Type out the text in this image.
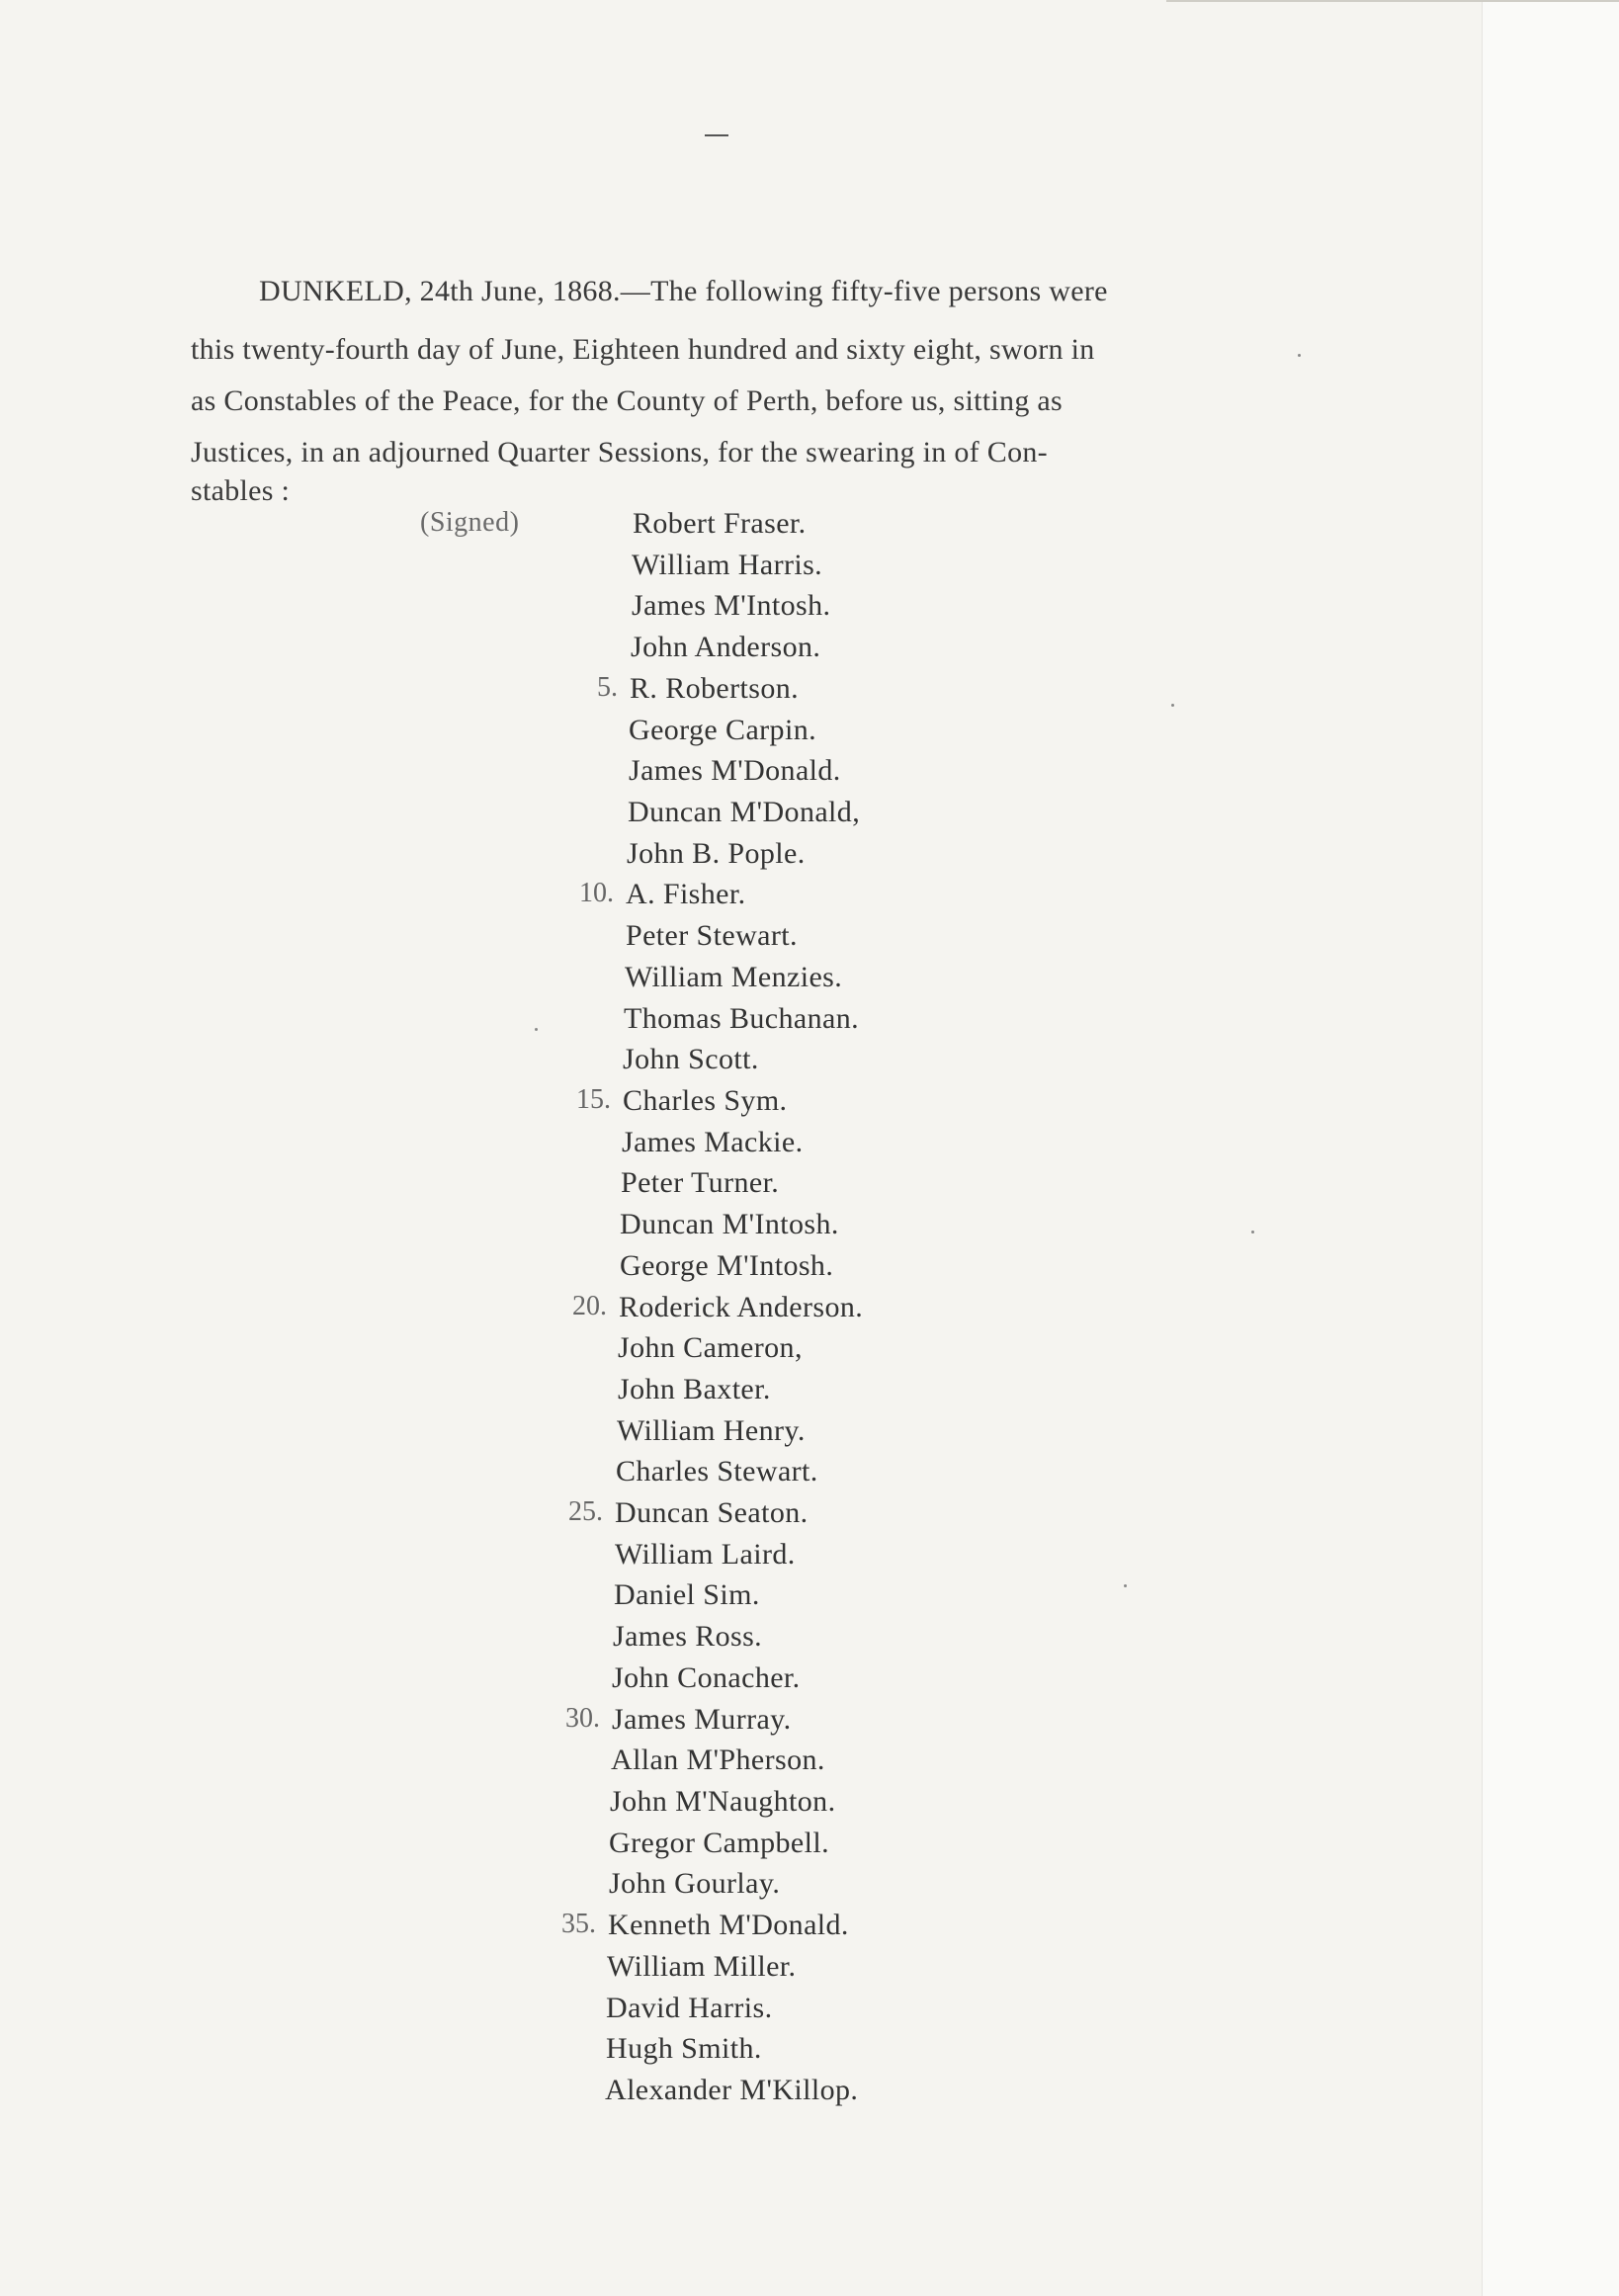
DUNKELD, 24th June, 1868.—The following fifty-five persons were
this twenty-fourth day of June, Eighteen hundred and sixty eight, sworn in
as Constables of the Peace, for the County of Perth, before us, sitting as
Justices, in an adjourned Quarter Sessions, for the swearing in of Con-
stables :
(Signed)	Robert Fraser.
William Harris.
James M'Intosh.
John Anderson.
5. R. Robertson.
George Carpin.
James M'Donald.
Duncan M'Donald,
John B. Pople.
10. A. Fisher.
Peter Stewart.
William Menzies.
Thomas Buchanan.
John Scott.
15. Charles Sym.
James Mackie.
Peter Turner.
Duncan M'Intosh.
George M'Intosh.
20. Roderick Anderson.
John Cameron,
John Baxter.
William Henry.
Charles Stewart.
25. Duncan Seaton.
William Laird.
Daniel Sim.
James Ross.
John Conacher.
30. James Murray.
Allan M'Pherson.
John M'Naughton.
Gregor Campbell.
John Gourlay.
35. Kenneth M'Donald.
William Miller.
David Harris.
Hugh Smith.
Alexander M'Killop.
